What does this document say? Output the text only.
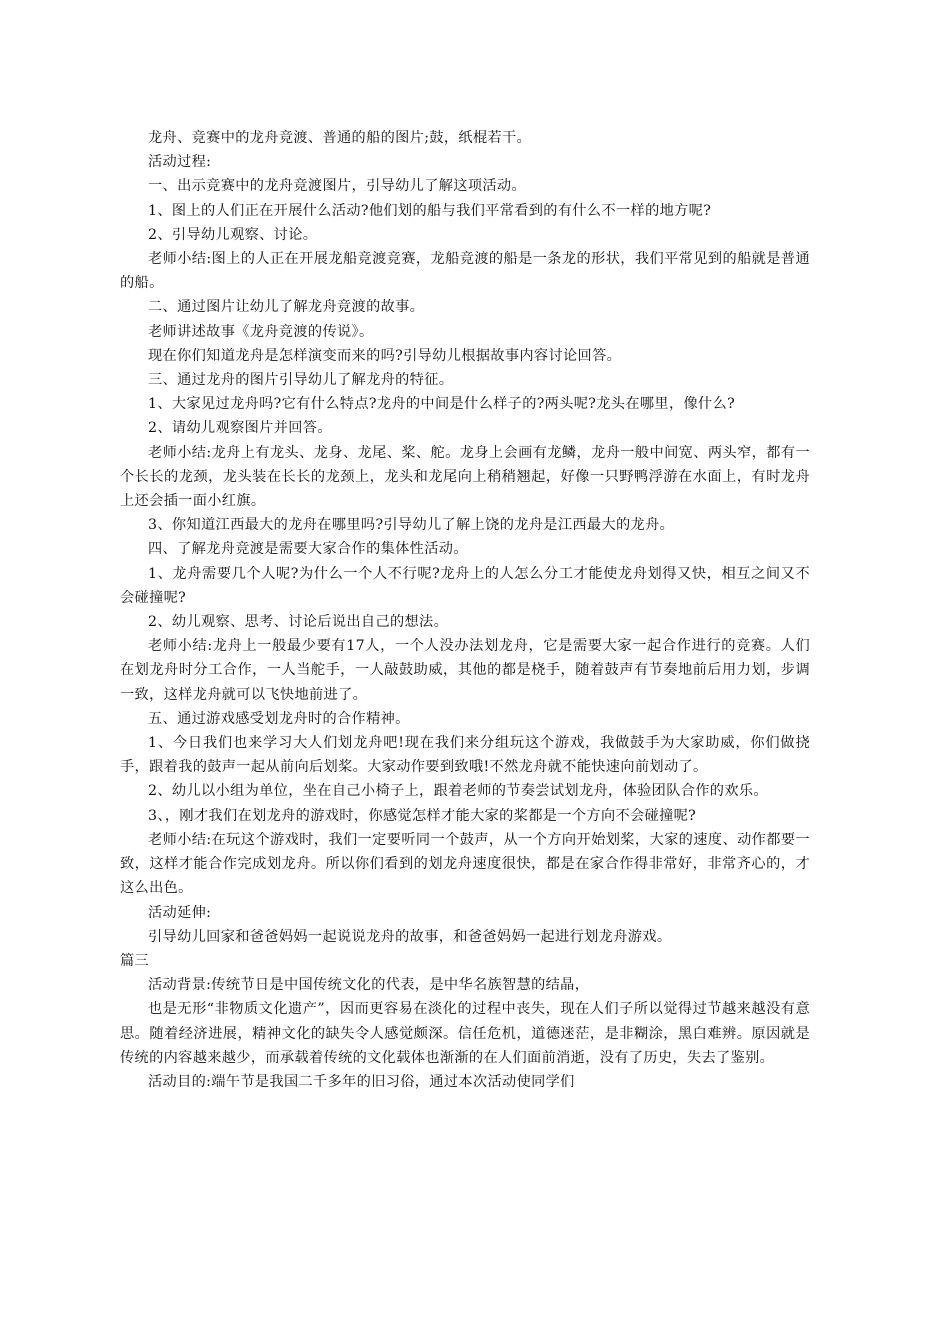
龙舟、竞赛中的龙舟竞渡、普通的船的图片;鼓，纸棍若干。

活动过程:

一、出示竞赛中的龙舟竞渡图片，引导幼儿了解这项活动。

1、图上的人们正在开展什么活动?他们划的船与我们平常看到的有什么不一样的地方呢?

2、引导幼儿观察、讨论。

老师小结:图上的人正在开展龙船竞渡竞赛，龙船竞渡的船是一条龙的形状，我们平常见到的船就是普通的船。

二、通过图片让幼儿了解龙舟竞渡的故事。

老师讲述故事《龙舟竞渡的传说》。

现在你们知道龙舟是怎样演变而来的吗?引导幼儿根据故事内容讨论回答。

三、通过龙舟的图片引导幼儿了解龙舟的特征。

1、大家见过龙舟吗?它有什么特点?龙舟的中间是什么样子的?两头呢?龙头在哪里，像什么?

2、请幼儿观察图片并回答。

老师小结:龙舟上有龙头、龙身、龙尾、桨、舵。龙身上会画有龙鳞，龙舟一般中间宽、两头窄，都有一个长长的龙颈，龙头装在长长的龙颈上，龙头和龙尾向上稍稍翘起，好像一只野鸭浮游在水面上，有时龙舟上还会插一面小红旗。

3、你知道江西最大的龙舟在哪里吗?引导幼儿了解上饶的龙舟是江西最大的龙舟。

四、了解龙舟竞渡是需要大家合作的集体性活动。

1、龙舟需要几个人呢?为什么一个人不行呢?龙舟上的人怎么分工才能使龙舟划得又快，相互之间又不会碰撞呢?

2、幼儿观察、思考、讨论后说出自己的想法。

老师小结:龙舟上一般最少要有17人，一个人没办法划龙舟，它是需要大家一起合作进行的竞赛。人们在划龙舟时分工合作，一人当舵手，一人敲鼓助威，其他的都是桡手，随着鼓声有节奏地前后用力划，步调一致，这样龙舟就可以飞快地前进了。

五、通过游戏感受划龙舟时的合作精神。

1、今日我们也来学习大人们划龙舟吧!现在我们来分组玩这个游戏，我做鼓手为大家助威，你们做挠手，跟着我的鼓声一起从前向后划桨。大家动作要到致哦!不然龙舟就不能快速向前划动了。

2、幼儿以小组为单位，坐在自己小椅子上，跟着老师的节奏尝试划龙舟，体验团队合作的欢乐。

3、，刚才我们在划龙舟的游戏时，你感觉怎样才能大家的桨都是一个方向不会碰撞呢?

老师小结:在玩这个游戏时，我们一定要听同一个鼓声，从一个方向开始划桨，大家的速度、动作都要一致，这样才能合作完成划龙舟。所以你们看到的划龙舟速度很快，都是在家合作得非常好，非常齐心的，才这么出色。

活动延伸:

引导幼儿回家和爸爸妈妈一起说说龙舟的故事，和爸爸妈妈一起进行划龙舟游戏。

篇三

活动背景:传统节日是中国传统文化的代表，是中华名族智慧的结晶，

也是无形“非物质文化遗产”，因而更容易在淡化的过程中丧失，现在人们子所以觉得过节越来越没有意思。随着经济进展，精神文化的缺失令人感觉颇深。信任危机，道德迷茫，是非糊涂，黑白难辨。原因就是传统的内容越来越少，而承载着传统的文化载体也渐渐的在人们面前消逝，没有了历史，失去了鉴别。

活动目的:端午节是我国二千多年的旧习俗，通过本次活动使同学们
